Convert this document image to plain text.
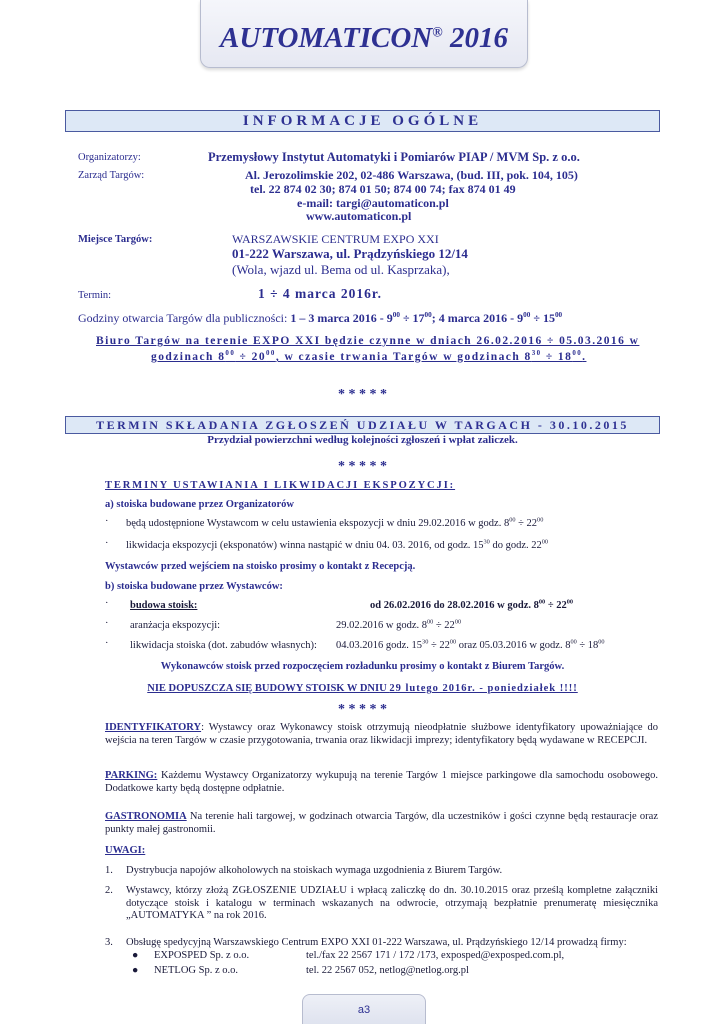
AUTOMATICON® 2016
INFORMACJE OGÓLNE
Organizatorzy:	Przemysłowy Instytut Automatyki i Pomiarów PIAP / MVM Sp. z o.o.
Zarząd Targów:	Al. Jerozolimskie 202, 02-486 Warszawa, (bud. III, pok. 104, 105)
tel. 22 874 02 30; 874 01 50; 874 00 74; fax 874 01 49
e-mail: targi@automaticon.pl
www.automaticon.pl
Miejsce Targów:	WARSZAWSKIE CENTRUM EXPO XXI
01-222 Warszawa, ul. Prądzyńskiego 12/14
(Wola, wjazd ul. Bema od ul. Kasprzaka),
Termin:	1 ÷ 4 marca 2016r.
Godziny otwarcia Targów dla publiczności: 1 – 3 marca $2016 - 9^{00} \div 17^{00}$; 4 marca $2016 - 9^{00} \div 15^{00}$
Biuro Targów na terenie EXPO XXI będzie czynne w dniach 26.02.2016 ÷ 05.03.2016 w
godzinach $8^{00} \div 20^{00}$, w czasie trwania Targów w godzinach $8^{30} \div 18^{00}$.
* * * * *
TERMIN SKŁADANIA ZGŁOSZEŃ UDZIAŁU W TARGACH - 30.10.2015
Przydział powierzchni według kolejności zgłoszeń i wpłat zaliczek.
* * * * *
TERMINY USTAWIANIA I LIKWIDACJI EKSPOZYCJI:
a) stoiska budowane przez Organizatorów
· będą udostępnione Wystawcom w celu ustawienia ekspozycji w dniu 29.02.2016 w godz. $8^{00} \div 22^{00}$
· likwidacja ekspozycji (eksponatów) winna nastąpić w dniu 04. 03. 2016, od godz. $15^{30}$ do godz. $22^{00}$
Wystawców przed wejściem na stoisko prosimy o kontakt z Recepcją.
b) stoiska budowane przez Wystawców:
· budowa stoisk:	od 26.02.2016 do 28.02.2016 w godz. $8^{00} \div 22^{00}$
· aranżacja ekspozycji:	29.02.2016 w godz. $8^{00} \div 22^{00}$
· likwidacja stoiska (dot. zabudów własnych): 04.03.2016 godz. $15^{30} \div 22^{00}$ oraz 05.03.2016 w godz. $8^{00} \div 18^{00}$
Wykonawców stoisk przed rozpoczęciem rozładunku prosimy o kontakt z Biurem Targów.
NIE DOPUSZCZA SIĘ BUDOWY STOISK W DNIU 29 lutego 2016r. - poniedziałek !!!!
* * * * *
IDENTYFIKATORY: Wystawcy oraz Wykonawcy stoisk otrzymują nieodpłatnie służbowe identyfikatory upoważniające do wejścia na teren Targów w czasie przygotowania, trwania oraz likwidacji imprezy; identyfikatory będą wydawane w RECEPCJI.
PARKING: Każdemu Wystawcy Organizatorzy wykupują na terenie Targów 1 miejsce parkingowe dla samochodu osobowego. Dodatkowe karty będą dostępne odpłatnie.
GASTRONOMIA Na terenie hali targowej, w godzinach otwarcia Targów, dla uczestników i gości czynne będą restauracje oraz punkty małej gastronomii.
UWAGI:
1. Dystrybucja napojów alkoholowych na stoiskach wymaga uzgodnienia z Biurem Targów.
2. Wystawcy, którzy złożą ZGŁOSZENIE UDZIAŁU i wpłacą zaliczkę do dn. 30.10.2015 oraz prześlą kompletne załączniki dotyczące stoisk i katalogu w terminach wskazanych na odwrocie, otrzymają bezpłatnie prenumeratę miesięcznika „AUTOMATYKA ” na rok 2016.
3. Obsługę spedycyjną Warszawskiego Centrum EXPO XXI 01-222 Warszawa, ul. Prądzyńskiego 12/14 prowadzą firmy:
● EXPOSPED Sp. z o.o.	tel./fax 22 2567 171 / 172 /173, exposped@exposped.com.pl,
● NETLOG Sp. z o.o.	tel. 22 2567 052, netlog@netlog.org.pl
a3
